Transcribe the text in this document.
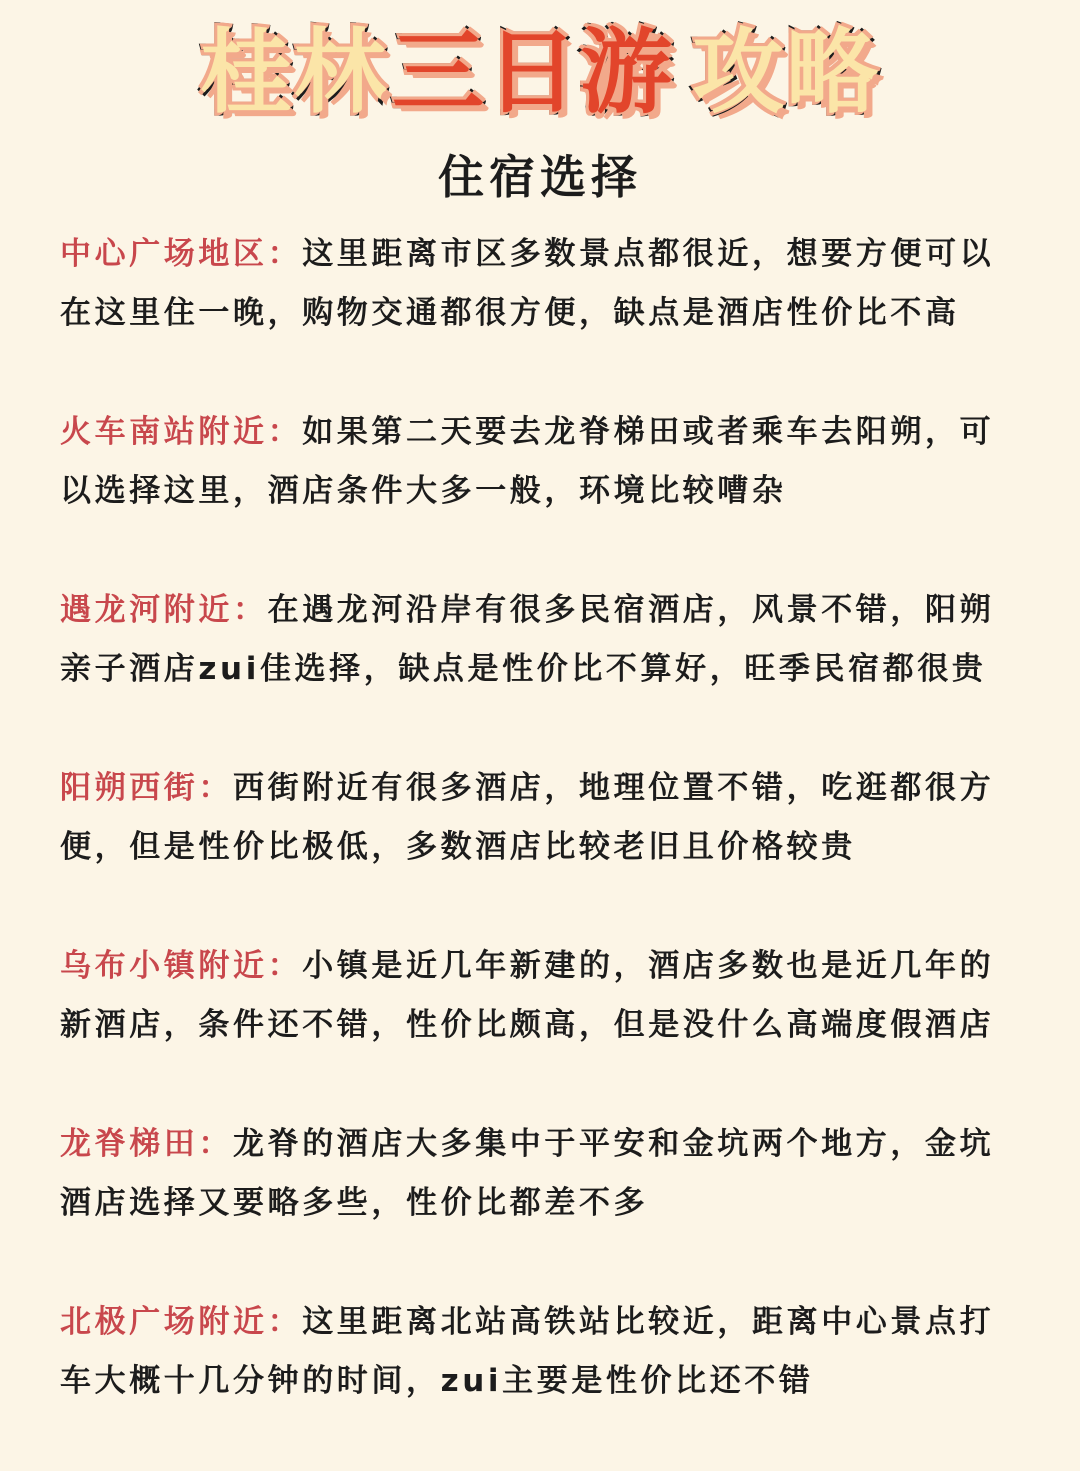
桂林三日游 攻略
住宿选择
中心广场地区：这里距离市区多数景点都很近，想要方便可以在这里住一晚，购物交通都很方便，缺点是酒店性价比不高
火车南站附近：如果第二天要去龙脊梯田或者乘车去阳朔，可以选择这里，酒店条件大多一般，环境比较嘈杂
遇龙河附近：在遇龙河沿岸有很多民宿酒店，风景不错，阳朔亲子酒店zui佳选择，缺点是性价比不算好，旺季民宿都很贵
阳朔西街：西街附近有很多酒店，地理位置不错，吃逛都很方便，但是性价比极低，多数酒店比较老旧且价格较贵
乌布小镇附近：小镇是近几年新建的，酒店多数也是近几年的新酒店，条件还不错，性价比颇高，但是没什么高端度假酒店
龙脊梯田：龙脊的酒店大多集中于平安和金坑两个地方，金坑酒店选择又要略多些，性价比都差不多
北极广场附近：这里距离北站高铁站比较近，距离中心景点打车大概十几分钟的时间，zui主要是性价比还不错
